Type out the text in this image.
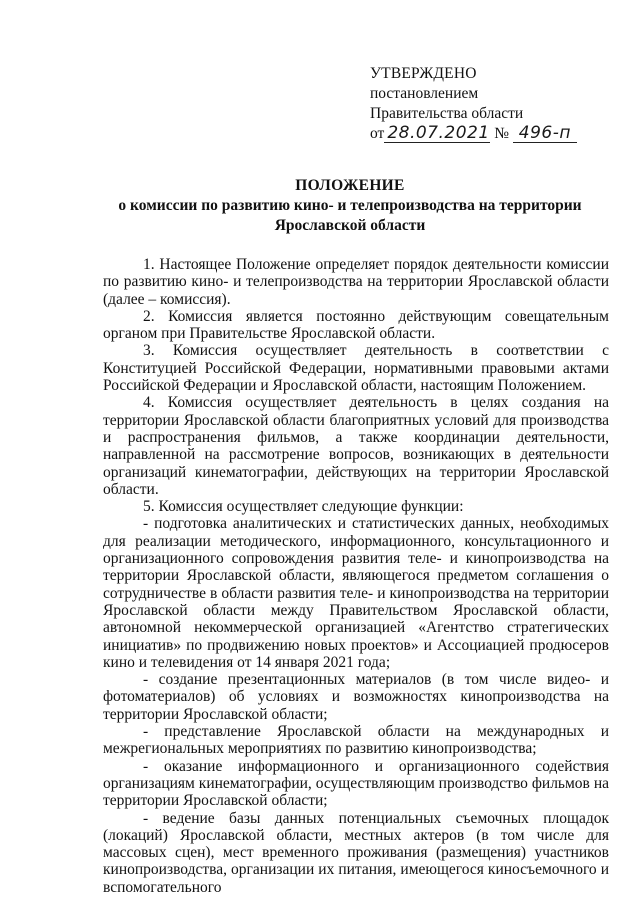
УТВЕРЖДЕНО
постановлением
Правительства области
от 28.07.2021 № 496-п
ПОЛОЖЕНИЕ
о комиссии по развитию кино- и телепроизводства на территории
Ярославской области

1. Настоящее Положение определяет порядок деятельности комиссии по развитию кино- и телепроизводства на территории Ярославской области (далее – комиссия).

2. Комиссия является постоянно действующим совещательным органом при Правительстве Ярославской области.

3. Комиссия осуществляет деятельность в соответствии с Конституцией Российской Федерации, нормативными правовыми актами Российской Федерации и Ярославской области, настоящим Положением.

4. Комиссия осуществляет деятельность в целях создания на территории Ярославской области благоприятных условий для производства и распространения фильмов, а также координации деятельности, направленной на рассмотрение вопросов, возникающих в деятельности организаций кинематографии, действующих на территории Ярославской области.

5. Комиссия осуществляет следующие функции:

- подготовка аналитических и статистических данных, необходимых для реализации методического, информационного, консультационного и организационного сопровождения развития теле- и кинопроизводства на территории Ярославской области, являющегося предметом соглашения о сотрудничестве в области развития теле- и кинопроизводства на территории Ярославской области между Правительством Ярославской области, автономной некоммерческой организацией «Агентство стратегических инициатив» по продвижению новых проектов» и Ассоциацией продюсеров кино и телевидения от 14 января 2021 года;

- создание презентационных материалов (в том числе видео- и фотоматериалов) об условиях и возможностях кинопроизводства на территории Ярославской области;

- представление Ярославской области на международных и межрегиональных мероприятиях по развитию кинопроизводства;

- оказание информационного и организационного содействия организациям кинематографии, осуществляющим производство фильмов на территории Ярославской области;

- ведение базы данных потенциальных съемочных площадок (локаций) Ярославской области, местных актеров (в том числе для массовых сцен), мест временного проживания (размещения) участников кинопроизводства, организации их питания, имеющегося киносъемочного и вспомогательного
